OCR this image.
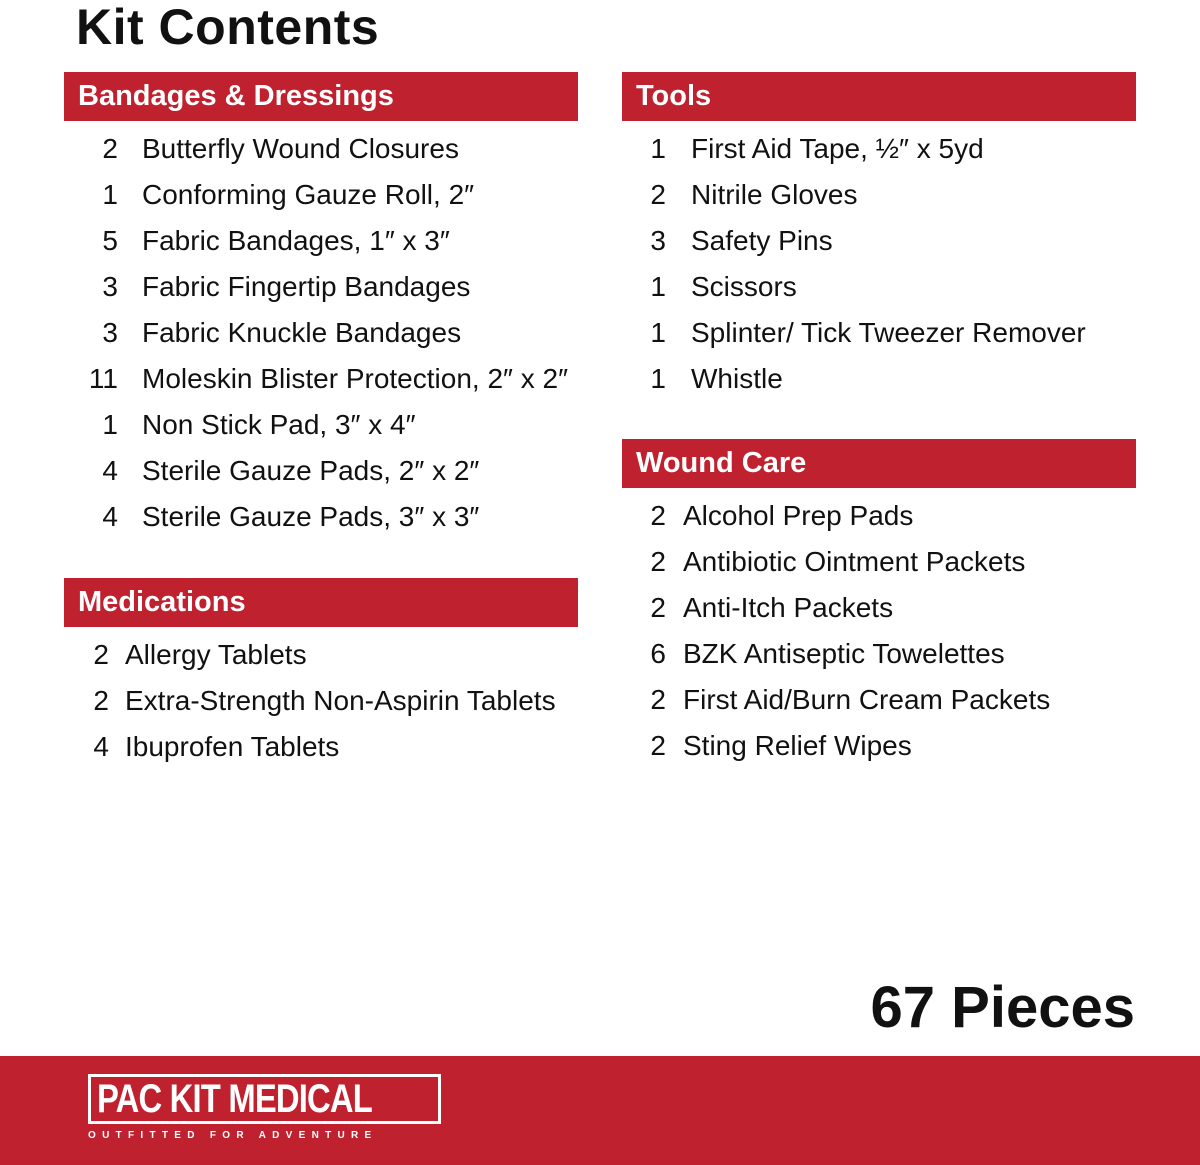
Kit Contents
Bandages & Dressings
2 Butterfly Wound Closures
1 Conforming Gauze Roll, 2″
5 Fabric Bandages, 1″ x 3″
3 Fabric Fingertip Bandages
3 Fabric Knuckle Bandages
11 Moleskin Blister Protection, 2″ x 2″
1 Non Stick Pad, 3″ x 4″
4 Sterile Gauze Pads, 2″ x 2″
4 Sterile Gauze Pads, 3″ x 3″
Medications
2 Allergy Tablets
2 Extra-Strength Non-Aspirin Tablets
4 Ibuprofen Tablets
Tools
1 First Aid Tape, ½″ x 5yd
2 Nitrile Gloves
3 Safety Pins
1 Scissors
1 Splinter/ Tick Tweezer Remover
1 Whistle
Wound Care
2 Alcohol Prep Pads
2 Antibiotic Ointment Packets
2 Anti-Itch Packets
6 BZK Antiseptic Towelettes
2 First Aid/Burn Cream Packets
2 Sting Relief Wipes
67 Pieces
PAC KIT MEDICAL
OUTFITTED FOR ADVENTURE
